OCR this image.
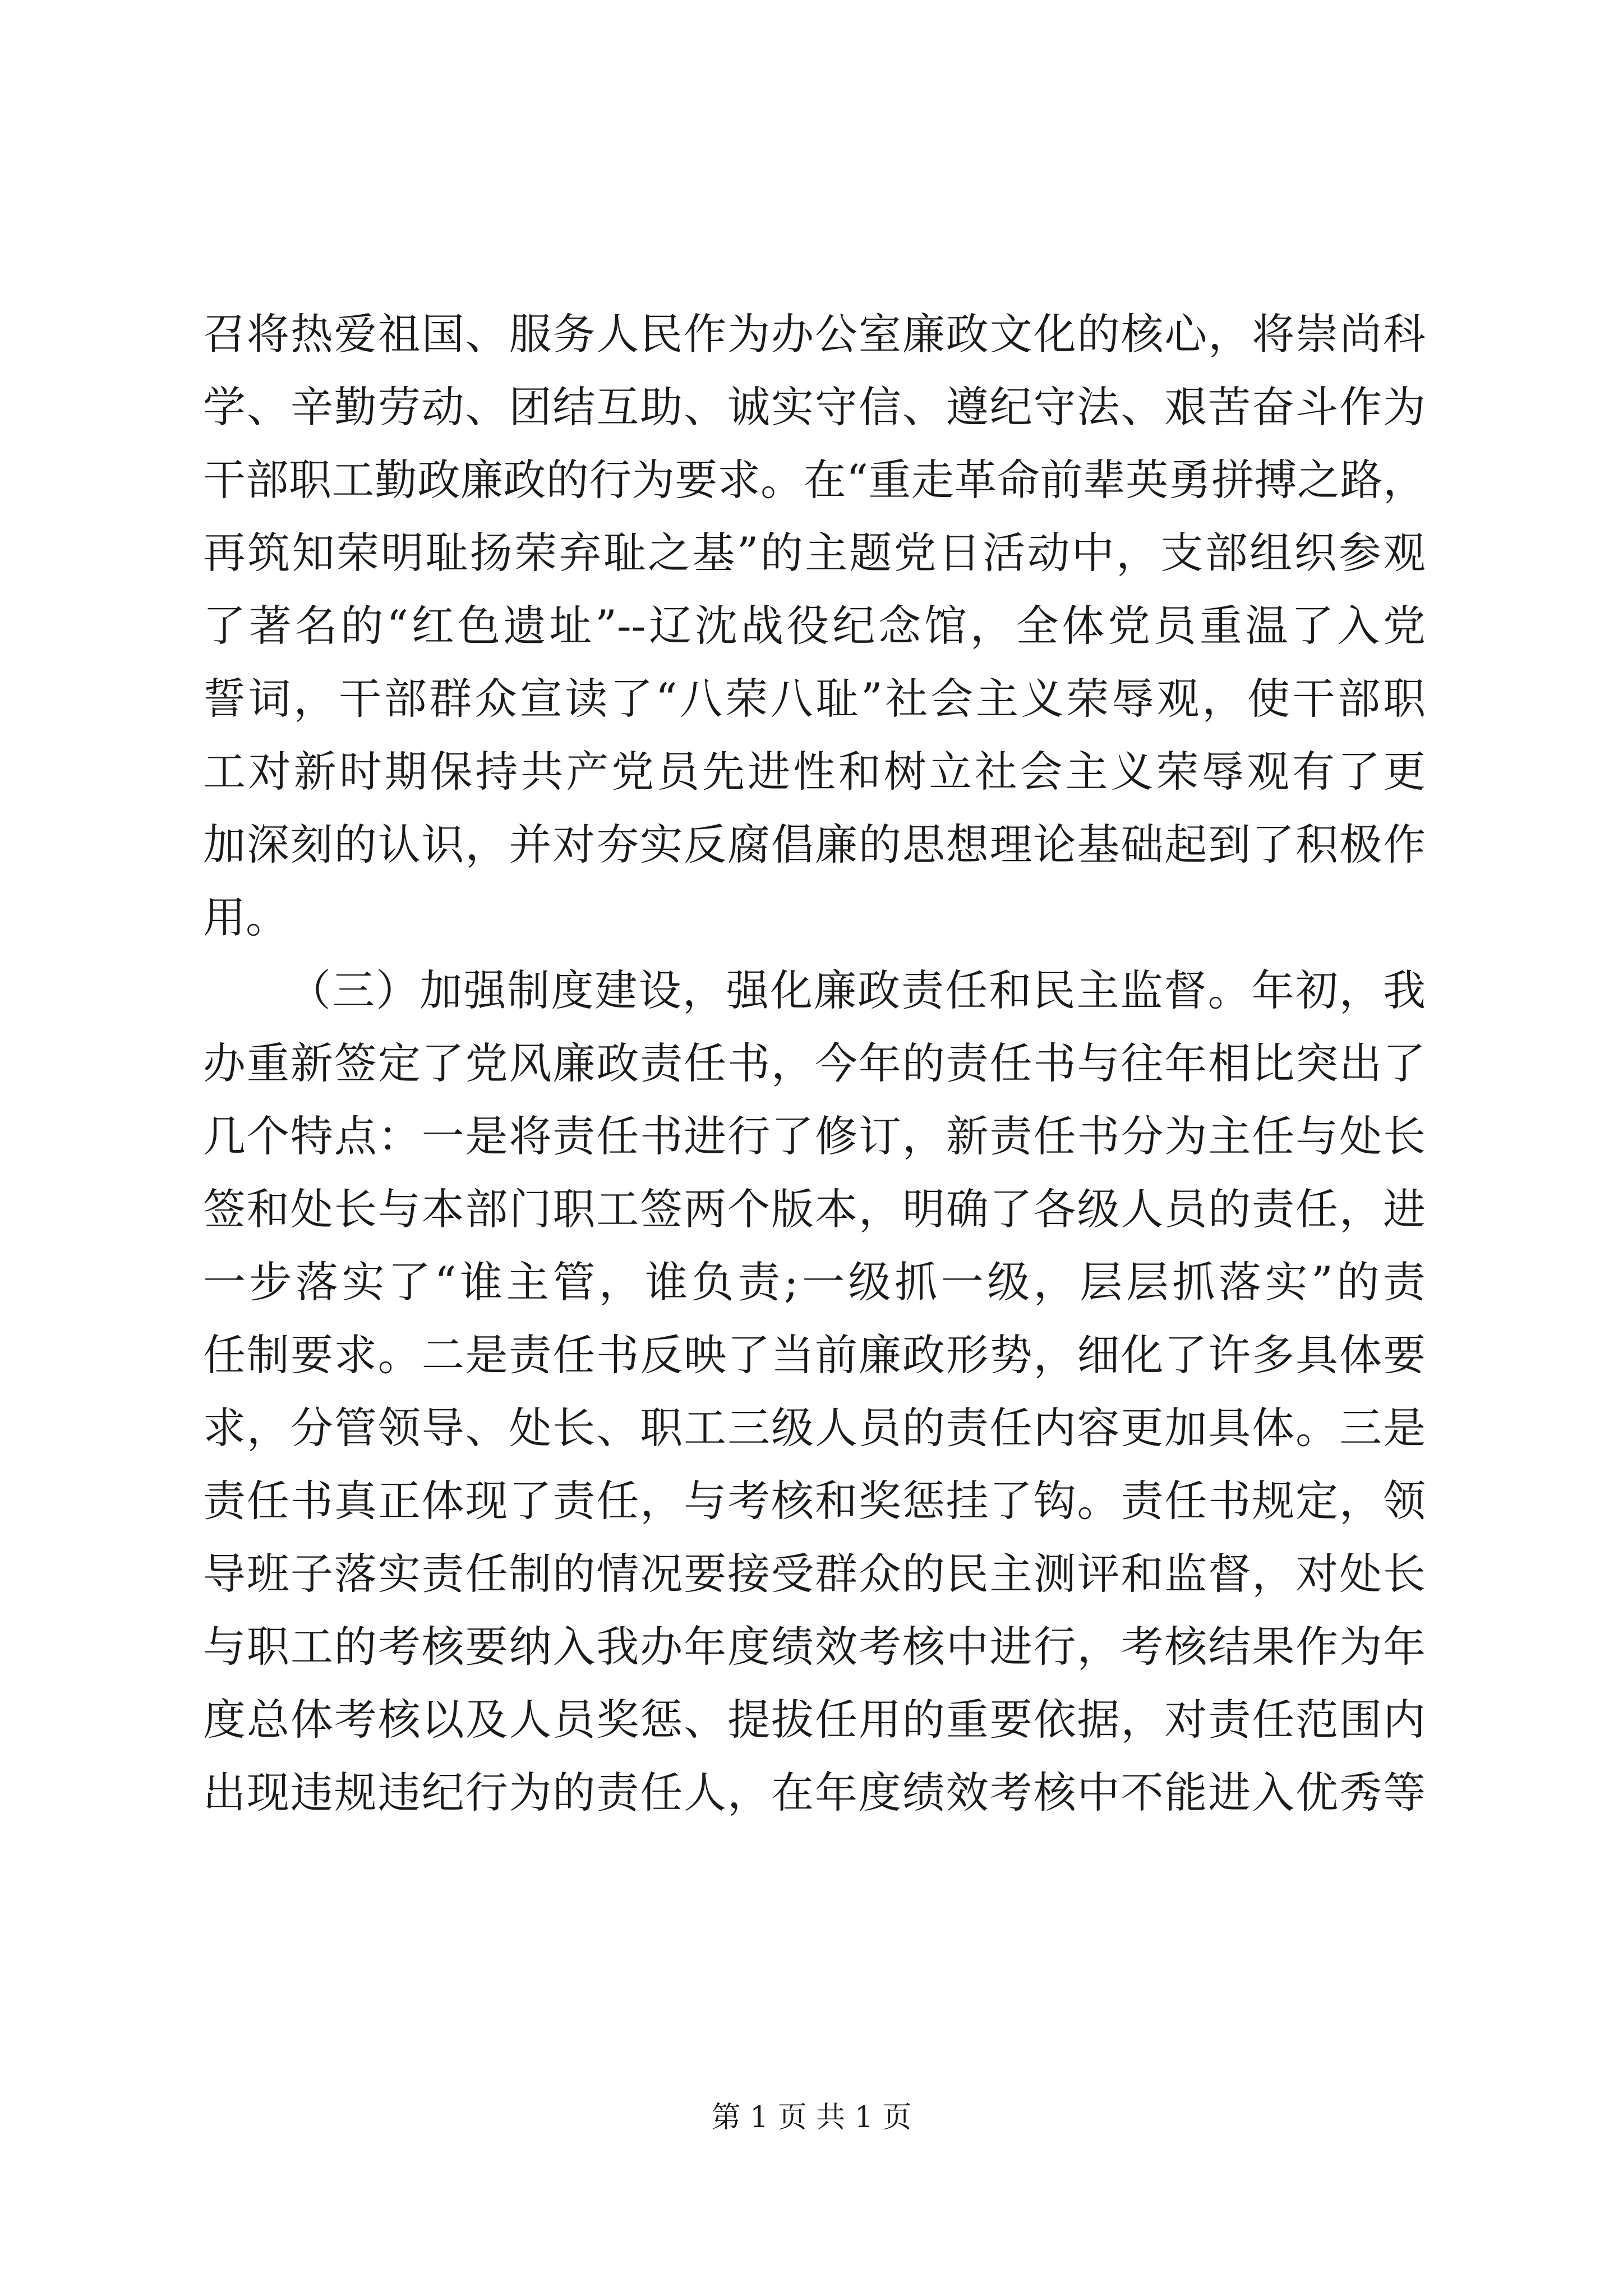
召将热爱祖国、服务人民作为办公室廉政文化的核心，将崇尚科
学、辛勤劳动、团结互助、诚实守信、遵纪守法、艰苦奋斗作为
干部职工勤政廉政的行为要求。在“重走革命前辈英勇拼搏之路，
再筑知荣明耻扬荣弃耻之基”的主题党日活动中，支部组织参观
了著名的“红色遗址”--辽沈战役纪念馆，全体党员重温了入党
誓词，干部群众宣读了“八荣八耻”社会主义荣辱观，使干部职
工对新时期保持共产党员先进性和树立社会主义荣辱观有了更
加深刻的认识，并对夯实反腐倡廉的思想理论基础起到了积极作
用。
（三）加强制度建设，强化廉政责任和民主监督。年初，我
办重新签定了党风廉政责任书，今年的责任书与往年相比突出了
几个特点：一是将责任书进行了修订，新责任书分为主任与处长
签和处长与本部门职工签两个版本，明确了各级人员的责任，进
一步落实了“谁主管，谁负责;一级抓一级，层层抓落实”的责
任制要求。二是责任书反映了当前廉政形势，细化了许多具体要
求，分管领导、处长、职工三级人员的责任内容更加具体。三是
责任书真正体现了责任，与考核和奖惩挂了钩。责任书规定，领
导班子落实责任制的情况要接受群众的民主测评和监督，对处长
与职工的考核要纳入我办年度绩效考核中进行，考核结果作为年
度总体考核以及人员奖惩、提拔任用的重要依据，对责任范围内
出现违规违纪行为的责任人，在年度绩效考核中不能进入优秀等
第 1 页 共 1 页
